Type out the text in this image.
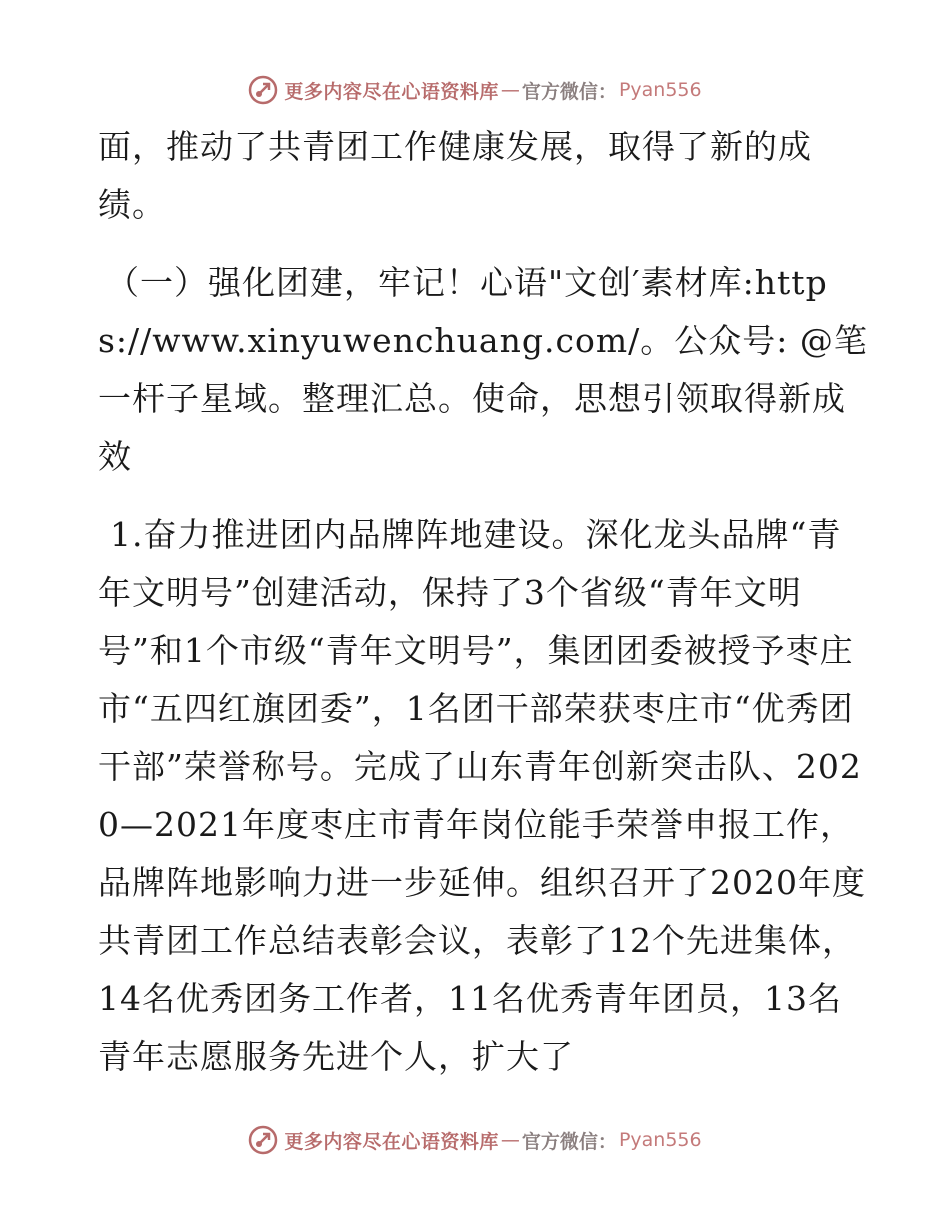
更多内容尽在心语资料库 — 官方微信： Pyan556

面，推动了共青团工作健康发展，取得了新的成绩。

（一）强化团建，牢记！心语"文创′素材库:https://www.xinyuwenchuang.com/。公众号: @笔一杆子星域。整理汇总。使命，思想引领取得新成效

1.奋力推进团内品牌阵地建设。深化龙头品牌“青年文明号”创建活动，保持了3个省级“青年文明号”和1个市级“青年文明号”，集团团委被授予枣庄市“五四红旗团委”，1名团干部荣获枣庄市“优秀团干部”荣誉称号。完成了山东青年创新突击队、2020—2021年度枣庄市青年岗位能手荣誉申报工作，品牌阵地影响力进一步延伸。组织召开了2020年度共青团工作总结表彰会议，表彰了12个先进集体，14名优秀团务工作者，11名优秀青年团员，13名青年志愿服务先进个人，扩大了

更多内容尽在心语资料库 — 官方微信： Pyan556
